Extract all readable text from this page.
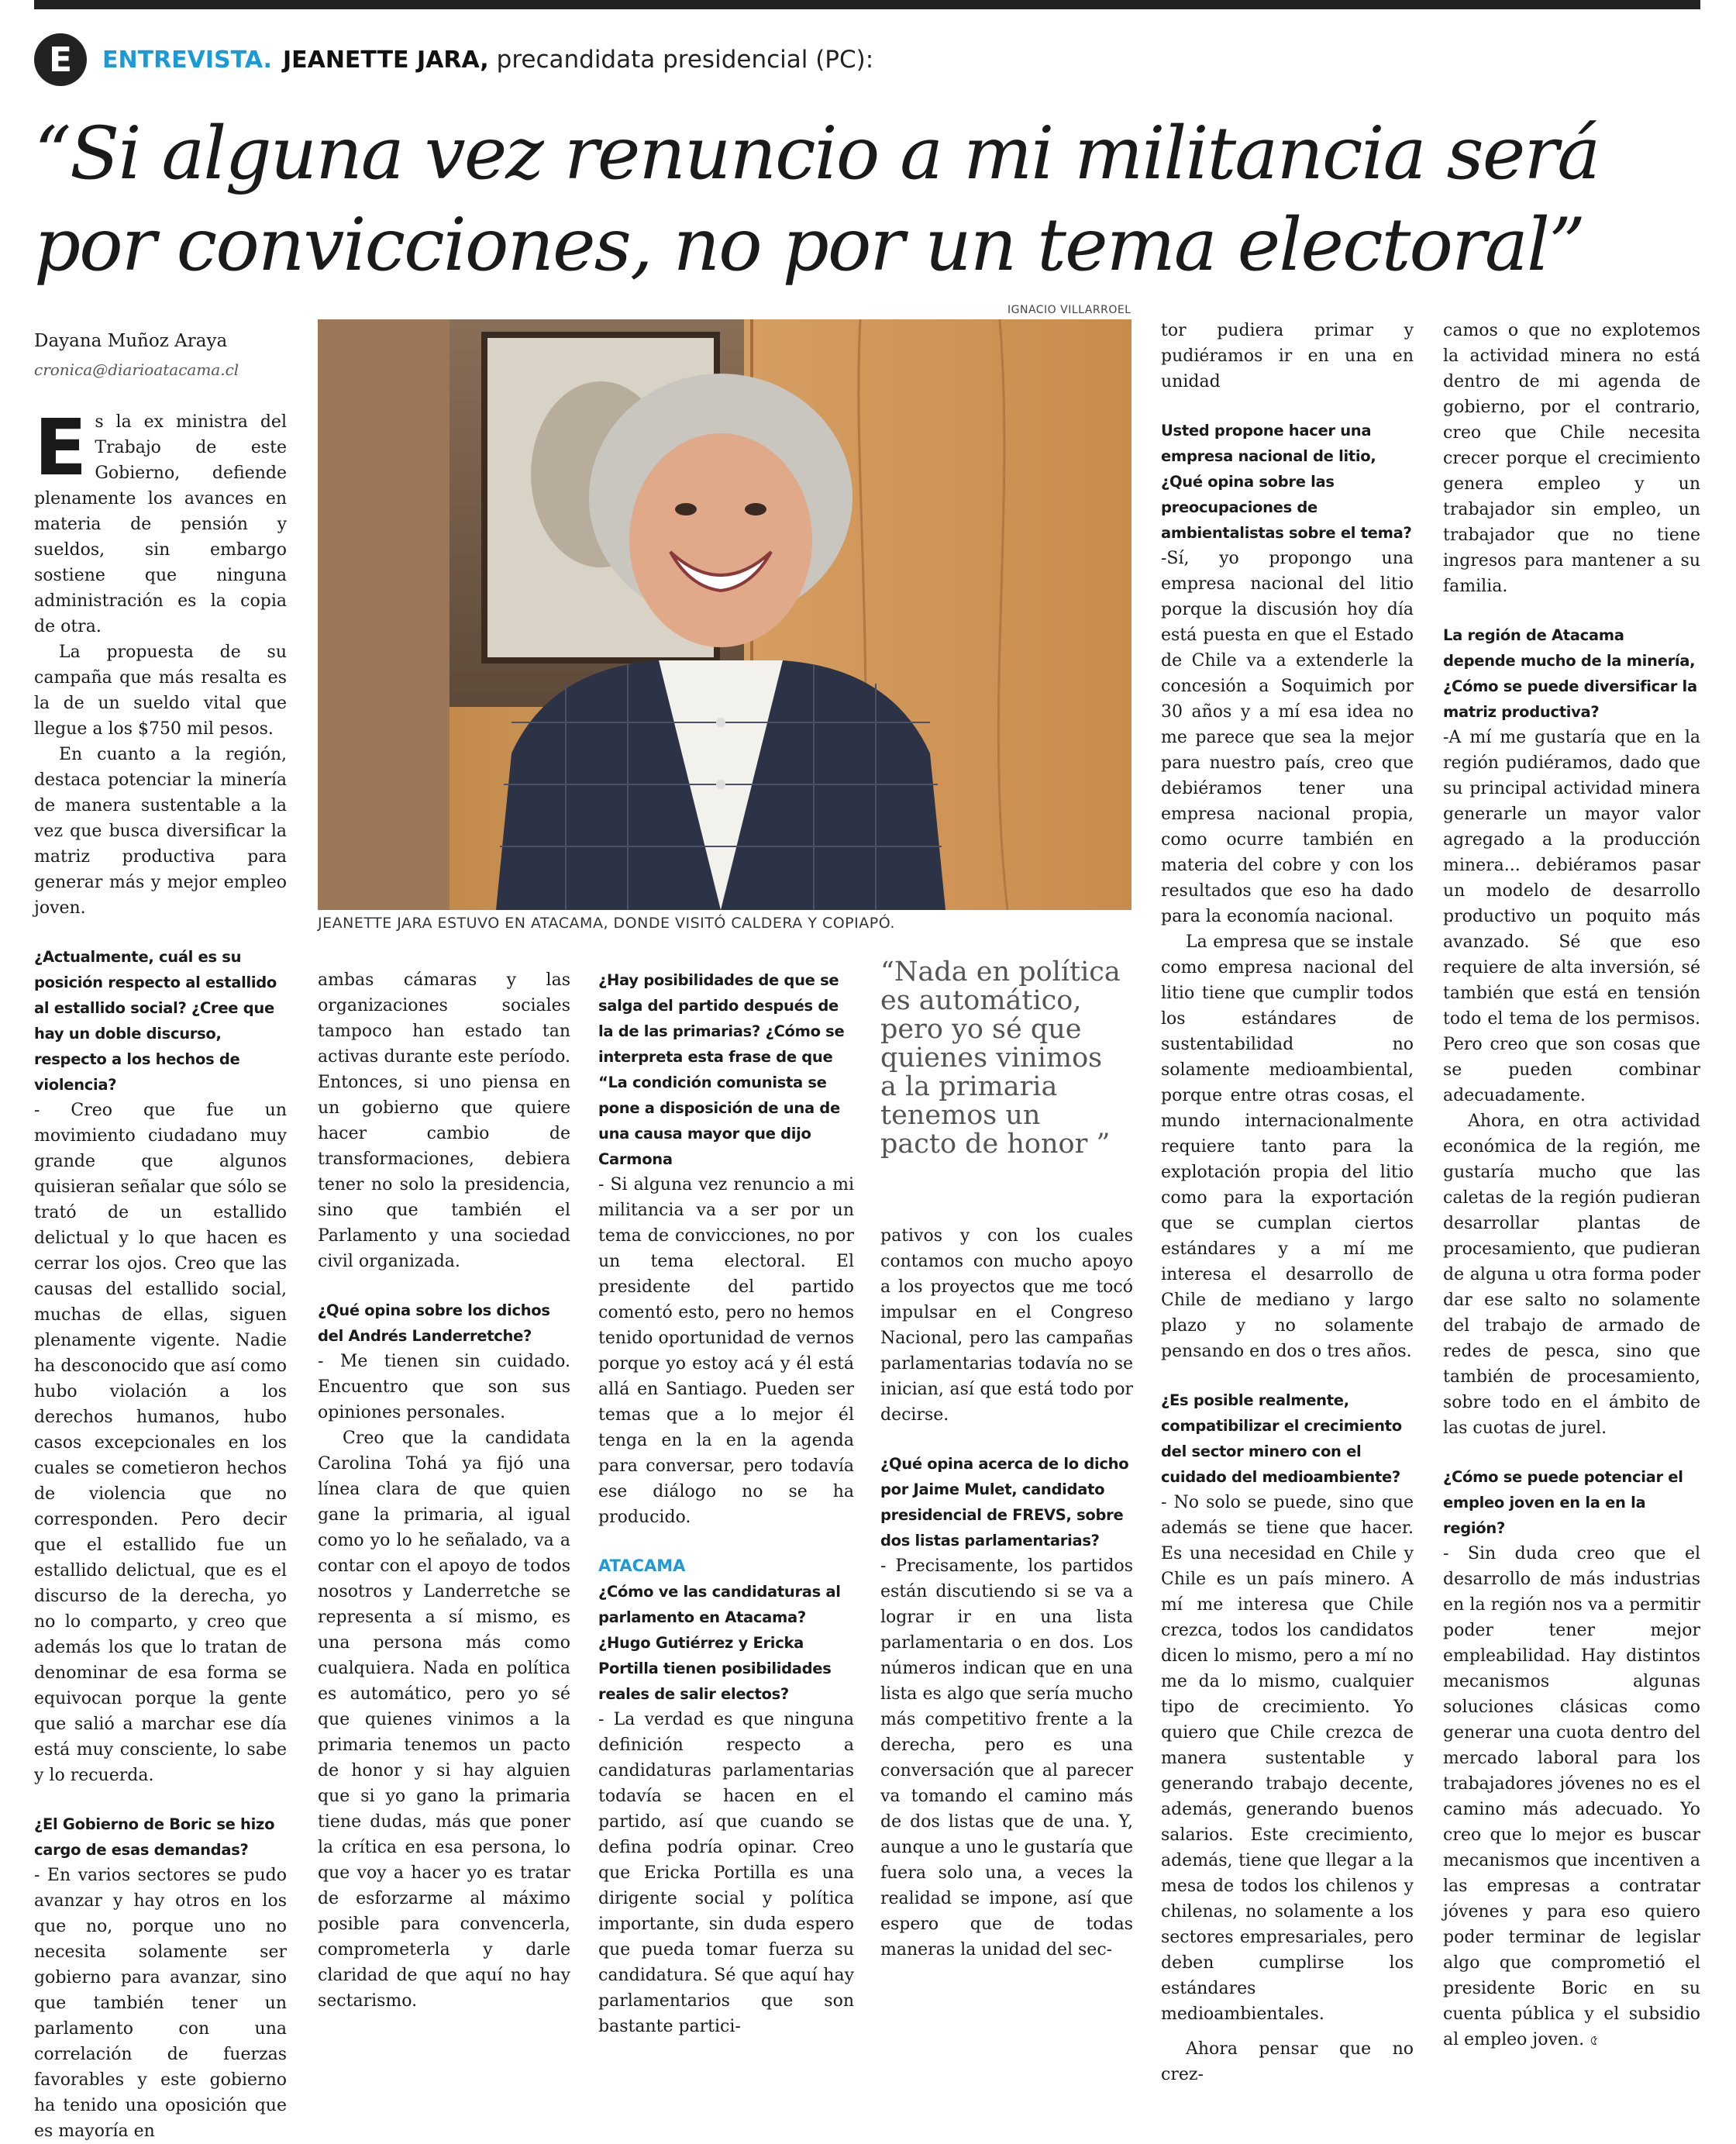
E	ENTREVISTA. JEANETTE JARA, precandidata presidencial (PC):
“Si alguna vez renuncio a mi militancia será por convicciones, no por un tema electoral”
Dayana Muñoz Araya
cronica@diarioatacama.cl

Es la ex ministra del Trabajo de este Gobierno, defiende plenamente los avances en materia de pensión y sueldos, sin embargo sostiene que ninguna administración es la copia de otra.

La propuesta de su campaña que más resalta es la de un sueldo vital que llegue a los $750 mil pesos.

En cuanto a la región, destaca potenciar la minería de manera sustentable a la vez que busca diversificar la matriz productiva para generar más y mejor empleo joven.

¿Actualmente, cuál es su posición respecto al estallido al estallido social? ¿Cree que hay un doble discurso, respecto a los hechos de violencia?

- Creo que fue un movimiento ciudadano muy grande que algunos quisieran señalar que sólo se trató de un estallido delictual y lo que hacen es cerrar los ojos. Creo que las causas del estallido social, muchas de ellas, siguen plenamente vigente. Nadie ha desconocido que así como hubo violación a los derechos humanos, hubo casos excepcionales en los cuales se cometieron hechos de violencia que no corresponden. Pero decir que el estallido fue un estallido delictual, que es el discurso de la derecha, yo no lo comparto, y creo que además los que lo tratan de denominar de esa forma se equivocan porque la gente que salió a marchar ese día está muy consciente, lo sabe y lo recuerda.

¿El Gobierno de Boric se hizo cargo de esas demandas?

- En varios sectores se pudo avanzar y hay otros en los que no, porque uno no necesita solamente ser gobierno para avanzar, sino que también tener un parlamento con una correlación de fuerzas favorables y este gobierno ha tenido una oposición que es mayoría en

IGNACIO VILLARROEL
JEANETTE JARA ESTUVO EN ATACAMA, DONDE VISITÓ CALDERA Y COPIAPÓ.

ambas cámaras y las organizaciones sociales tampoco han estado tan activas durante este período. Entonces, si uno piensa en un gobierno que quiere hacer cambio de transformaciones, debiera tener no solo la presidencia, sino que también el Parlamento y una sociedad civil organizada.

¿Qué opina sobre los dichos del Andrés Landerretche?

- Me tienen sin cuidado. Encuentro que son sus opiniones personales.

Creo que la candidata Carolina Tohá ya fijó una línea clara de que quien gane la primaria, al igual como yo lo he señalado, va a contar con el apoyo de todos nosotros y Landerretche se representa a sí mismo, es una persona más como cualquiera. Nada en política es automático, pero yo sé que quienes vinimos a la primaria tenemos un pacto de honor y si hay alguien que si yo gano la primaria tiene dudas, más que poner la crítica en esa persona, lo que voy a hacer yo es tratar de esforzarme al máximo posible para convencerla, comprometerla y darle claridad de que aquí no hay sectarismo.

¿Hay posibilidades de que se salga del partido después de la de las primarias? ¿Cómo se interpreta esta frase de que “La condición comunista se pone a disposición de una de una causa mayor que dijo Carmona

- Si alguna vez renuncio a mi militancia va a ser por un tema de convicciones, no por un tema electoral. El presidente del partido comentó esto, pero no hemos tenido oportunidad de vernos porque yo estoy acá y él está allá en Santiago. Pueden ser temas que a lo mejor él tenga en la en la agenda para conversar, pero todavía ese diálogo no se ha producido.

ATACAMA

¿Cómo ve las candidaturas al parlamento en Atacama? ¿Hugo Gutiérrez y Ericka Portilla tienen posibilidades reales de salir electos?

- La verdad es que ninguna definición respecto a candidaturas parlamentarias todavía se hacen en el partido, así que cuando se defina podría opinar. Creo que Ericka Portilla es una dirigente social y política importante, sin duda espero que pueda tomar fuerza su candidatura. Sé que aquí hay parlamentarios que son bastante partici-

“Nada en política es automático, pero yo sé que quienes vinimos a la primaria tenemos un pacto de honor ”

pativos y con los cuales contamos con mucho apoyo a los proyectos que me tocó impulsar en el Congreso Nacional, pero las campañas parlamentarias todavía no se inician, así que está todo por decirse.

¿Qué opina acerca de lo dicho por Jaime Mulet, candidato presidencial de FREVS, sobre dos listas parlamentarias?

- Precisamente, los partidos están discutiendo si se va a lograr ir en una lista parlamentaria o en dos. Los números indican que en una lista es algo que sería mucho más competitivo frente a la derecha, pero es una conversación que al parecer va tomando el camino más de dos listas que de una. Y, aunque a uno le gustaría que fuera solo una, a veces la realidad se impone, así que espero que de todas maneras la unidad del sec-

tor pudiera primar y pudiéramos ir en una en unidad

Usted propone hacer una empresa nacional de litio, ¿Qué opina sobre las preocupaciones de ambientalistas sobre el tema?

-Sí, yo propongo una empresa nacional del litio porque la discusión hoy día está puesta en que el Estado de Chile va a extenderle la concesión a Soquimich por 30 años y a mí esa idea no me parece que sea la mejor para nuestro país, creo que debiéramos tener una empresa nacional propia, como ocurre también en materia del cobre y con los resultados que eso ha dado para la economía nacional.

La empresa que se instale como empresa nacional del litio tiene que cumplir todos los estándares de sustentabilidad no solamente medioambiental, porque entre otras cosas, el mundo internacionalmente requiere tanto para la explotación propia del litio como para la exportación que se cumplan ciertos estándares y a mí me interesa el desarrollo de Chile de mediano y largo plazo y no solamente pensando en dos o tres años.

¿Es posible realmente, compatibilizar el crecimiento del sector minero con el cuidado del medioambiente?

- No solo se puede, sino que además se tiene que hacer. Es una necesidad en Chile y Chile es un país minero. A mí me interesa que Chile crezca, todos los candidatos dicen lo mismo, pero a mí no me da lo mismo, cualquier tipo de crecimiento. Yo quiero que Chile crezca de manera sustentable y generando trabajo decente, además, generando buenos salarios. Este crecimiento, además, tiene que llegar a la mesa de todos los chilenos y chilenas, no solamente a los sectores empresariales, pero deben cumplirse los estándares medioambientales.

Ahora pensar que no crez-

camos o que no explotemos la actividad minera no está dentro de mi agenda de gobierno, por el contrario, creo que Chile necesita crecer porque el crecimiento genera empleo y un trabajador sin empleo, un trabajador que no tiene ingresos para mantener a su familia.

La región de Atacama depende mucho de la minería, ¿Cómo se puede diversificar la matriz productiva?

-A mí me gustaría que en la región pudiéramos, dado que su principal actividad minera generarle un mayor valor agregado a la producción minera... debiéramos pasar un modelo de desarrollo productivo un poquito más avanzado. Sé que eso requiere de alta inversión, sé también que está en tensión todo el tema de los permisos. Pero creo que son cosas que se pueden combinar adecuadamente.

Ahora, en otra actividad económica de la región, me gustaría mucho que las caletas de la región pudieran desarrollar plantas de procesamiento, que pudieran de alguna u otra forma poder dar ese salto no solamente del trabajo de armado de redes de pesca, sino que también de procesamiento, sobre todo en el ámbito de las cuotas de jurel.

¿Cómo se puede potenciar el empleo joven en la en la región?

- Sin duda creo que el desarrollo de más industrias en la región nos va a permitir poder tener mejor empleabilidad. Hay distintos mecanismos algunas soluciones clásicas como generar una cuota dentro del mercado laboral para los trabajadores jóvenes no es el camino más adecuado. Yo creo que lo mejor es buscar mecanismos que incentiven a las empresas a contratar jóvenes y para eso quiero poder terminar de legislar algo que comprometió el presidente Boric en su cuenta pública y el subsidio al empleo joven. ৫
